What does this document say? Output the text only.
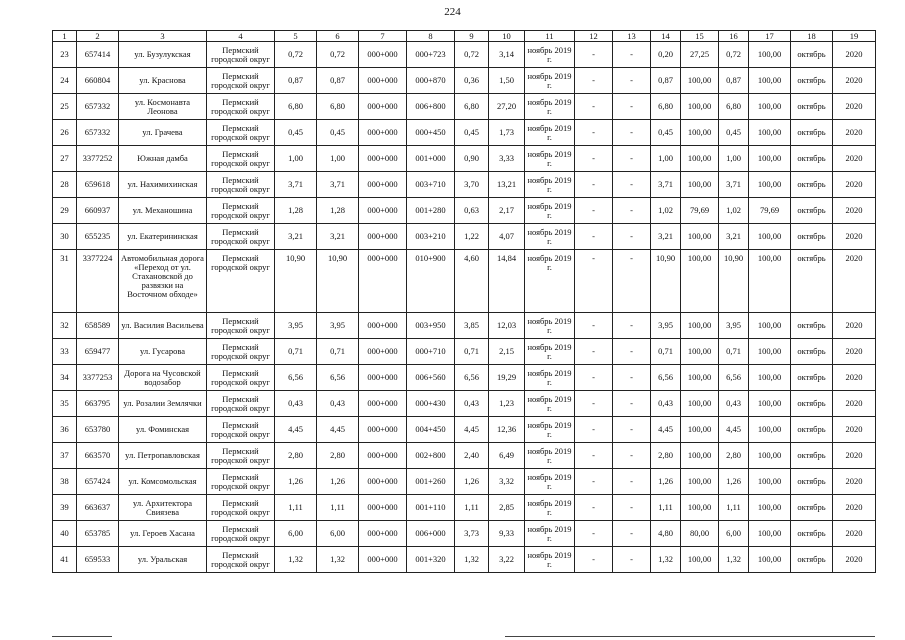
224
1	2	3	4	5	6	7	8	9	10	11	12	13	14	15	16	17	18	19
23	657414	ул. Бузулукская	Пермский городской округ	0,72	0,72	000+000	000+723	0,72	3,14	ноябрь 2019 г.	-	-	0,20	27,25	0,72	100,00	октябрь	2020
24	660804	ул. Краснова	Пермский городской округ	0,87	0,87	000+000	000+870	0,36	1,50	ноябрь 2019 г.	-	-	0,87	100,00	0,87	100,00	октябрь	2020
25	657332	ул. Космонавта Леонова	Пермский городской округ	6,80	6,80	000+000	006+800	6,80	27,20	ноябрь 2019 г.	-	-	6,80	100,00	6,80	100,00	октябрь	2020
26	657332	ул. Грачева	Пермский городской округ	0,45	0,45	000+000	000+450	0,45	1,73	ноябрь 2019 г.	-	-	0,45	100,00	0,45	100,00	октябрь	2020
27	3377252	Южная дамба	Пермский городской округ	1,00	1,00	000+000	001+000	0,90	3,33	ноябрь 2019 г.	-	-	1,00	100,00	1,00	100,00	октябрь	2020
28	659618	ул. Нахимихинская	Пермский городской округ	3,71	3,71	000+000	003+710	3,70	13,21	ноябрь 2019 г.	-	-	3,71	100,00	3,71	100,00	октябрь	2020
29	660937	ул. Механошина	Пермский городской округ	1,28	1,28	000+000	001+280	0,63	2,17	ноябрь 2019 г.	-	-	1,02	79,69	1,02	79,69	октябрь	2020
30	655235	ул. Екатерининская	Пермский городской округ	3,21	3,21	000+000	003+210	1,22	4,07	ноябрь 2019 г.	-	-	3,21	100,00	3,21	100,00	октябрь	2020
31	3377224	Автомобильная дорога «Переход от ул. Стахановской до развязки на Восточном обходе»	Пермский городской округ	10,90	10,90	000+000	010+900	4,60	14,84	ноябрь 2019 г.	-	-	10,90	100,00	10,90	100,00	октябрь	2020
32	658589	ул. Василия Васильева	Пермский городской округ	3,95	3,95	000+000	003+950	3,85	12,03	ноябрь 2019 г.	-	-	3,95	100,00	3,95	100,00	октябрь	2020
33	659477	ул. Гусарова	Пермский городской округ	0,71	0,71	000+000	000+710	0,71	2,15	ноябрь 2019 г.	-	-	0,71	100,00	0,71	100,00	октябрь	2020
34	3377253	Дорога на Чусовской водозабор	Пермский городской округ	6,56	6,56	000+000	006+560	6,56	19,29	ноябрь 2019 г.	-	-	6,56	100,00	6,56	100,00	октябрь	2020
35	663795	ул. Розалии Землячки	Пермский городской округ	0,43	0,43	000+000	000+430	0,43	1,23	ноябрь 2019 г.	-	-	0,43	100,00	0,43	100,00	октябрь	2020
36	653780	ул. Фоминская	Пермский городской округ	4,45	4,45	000+000	004+450	4,45	12,36	ноябрь 2019 г.	-	-	4,45	100,00	4,45	100,00	октябрь	2020
37	663570	ул. Петропавловская	Пермский городской округ	2,80	2,80	000+000	002+800	2,40	6,49	ноябрь 2019 г.	-	-	2,80	100,00	2,80	100,00	октябрь	2020
38	657424	ул. Комсомольская	Пермский городской округ	1,26	1,26	000+000	001+260	1,26	3,32	ноябрь 2019 г.	-	-	1,26	100,00	1,26	100,00	октябрь	2020
39	663637	ул. Архитектора Свиязева	Пермский городской округ	1,11	1,11	000+000	001+110	1,11	2,85	ноябрь 2019 г.	-	-	1,11	100,00	1,11	100,00	октябрь	2020
40	653785	ул. Героев Хасана	Пермский городской округ	6,00	6,00	000+000	006+000	3,73	9,33	ноябрь 2019 г.	-	-	4,80	80,00	6,00	100,00	октябрь	2020
41	659533	ул. Уральская	Пермский городской округ	1,32	1,32	000+000	001+320	1,32	3,22	ноябрь 2019 г.	-	-	1,32	100,00	1,32	100,00	октябрь	2020
